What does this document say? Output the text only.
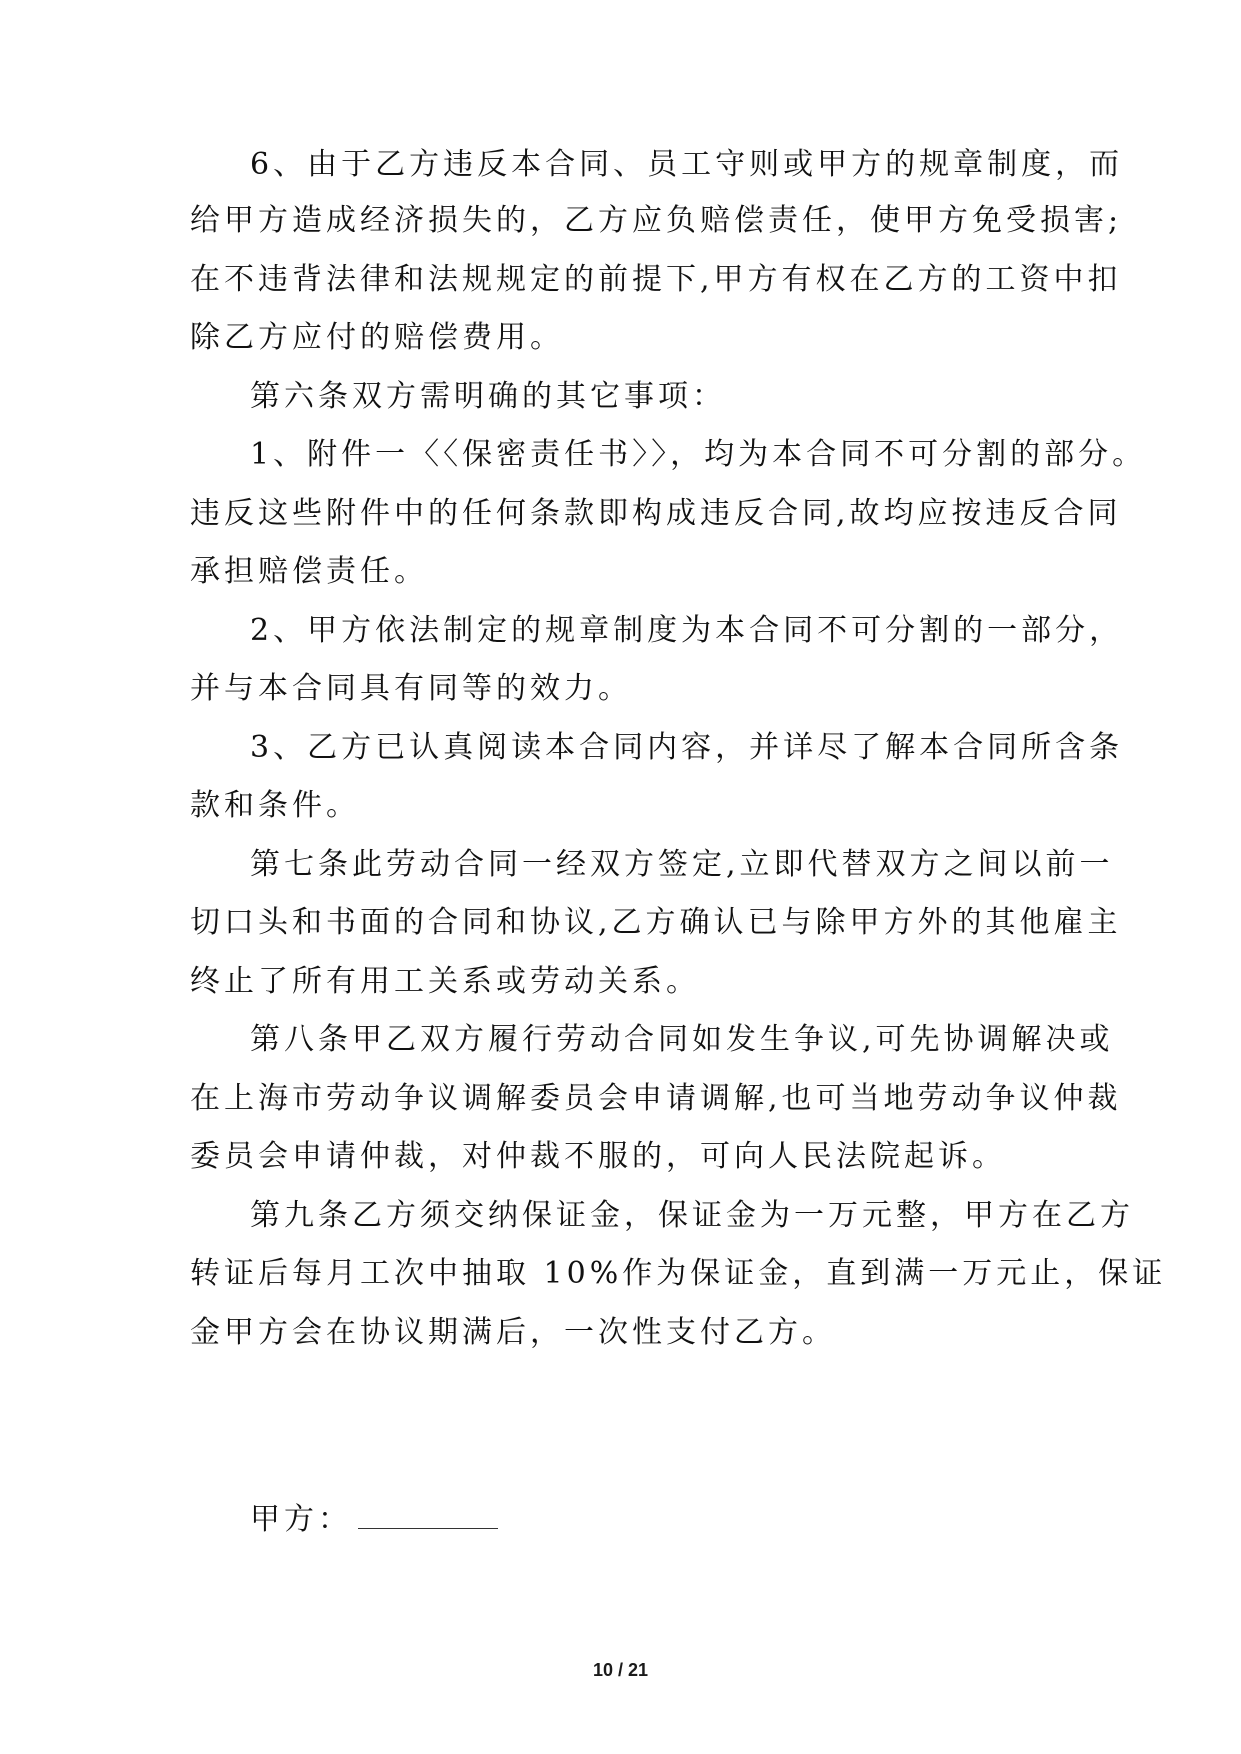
6、由于乙方违反本合同、员工守则或甲方的规章制度，而
给甲方造成经济损失的，乙方应负赔偿责任，使甲方免受损害;
在不违背法律和法规规定的前提下,甲方有权在乙方的工资中扣
除乙方应付的赔偿费用。
第六条双方需明确的其它事项：
1、附件一〈〈保密责任书〉〉，均为本合同不可分割的部分。
违反这些附件中的任何条款即构成违反合同,故均应按违反合同
承担赔偿责任。
2、甲方依法制定的规章制度为本合同不可分割的一部分，
并与本合同具有同等的效力。
3、乙方已认真阅读本合同内容，并详尽了解本合同所含条
款和条件。
第七条此劳动合同一经双方签定,立即代替双方之间以前一
切口头和书面的合同和协议,乙方确认已与除甲方外的其他雇主
终止了所有用工关系或劳动关系。
第八条甲乙双方履行劳动合同如发生争议,可先协调解决或
在上海市劳动争议调解委员会申请调解,也可当地劳动争议仲裁
委员会申请仲裁，对仲裁不服的，可向人民法院起诉。
第九条乙方须交纳保证金，保证金为一万元整，甲方在乙方
转证后每月工次中抽取 10%作为保证金，直到满一万元止，保证
金甲方会在协议期满后，一次性支付乙方。
甲方：
10 / 21
